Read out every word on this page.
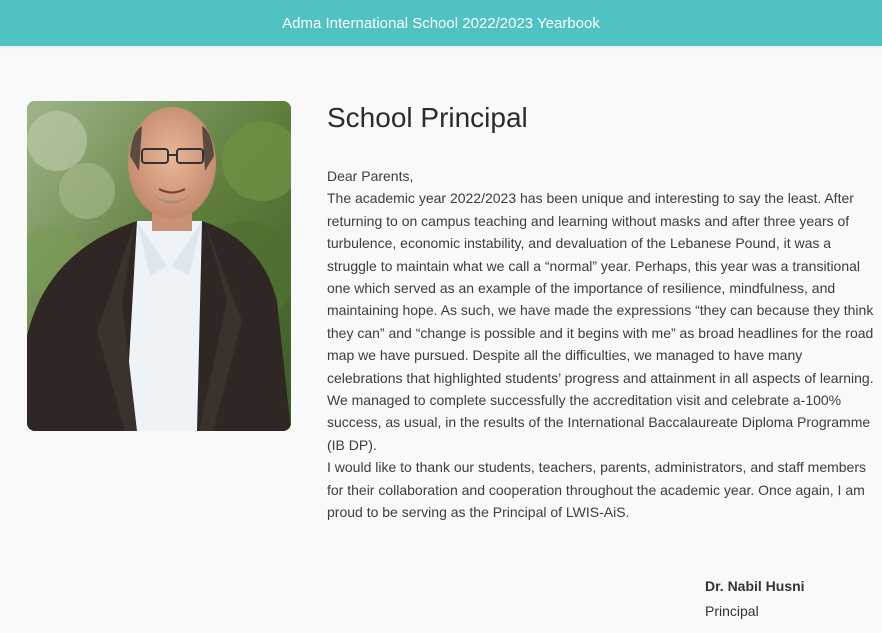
Adma International School 2022/2023 Yearbook
School Principal

Dear Parents,

The academic year 2022/2023 has been unique and interesting to say the least. After returning to on campus teaching and learning without masks and after three years of turbulence, economic instability, and devaluation of the Lebanese Pound, it was a struggle to maintain what we call a “normal” year. Perhaps, this year was a transitional one which served as an example of the importance of resilience, mindfulness, and maintaining hope. As such, we have made the expressions “they can because they think they can” and “change is possible and it begins with me” as broad headlines for the road map we have pursued. Despite all the difficulties, we managed to have many celebrations that highlighted students’ progress and attainment in all aspects of learning. We managed to complete successfully the accreditation visit and celebrate a-100% success, as usual, in the results of the International Baccalaureate Diploma Programme (IB DP).

I would like to thank our students, teachers, parents, administrators, and staff members for their collaboration and cooperation throughout the academic year. Once again, I am proud to be serving as the Principal of LWIS-AiS.

Dr. Nabil Husni
Principal
